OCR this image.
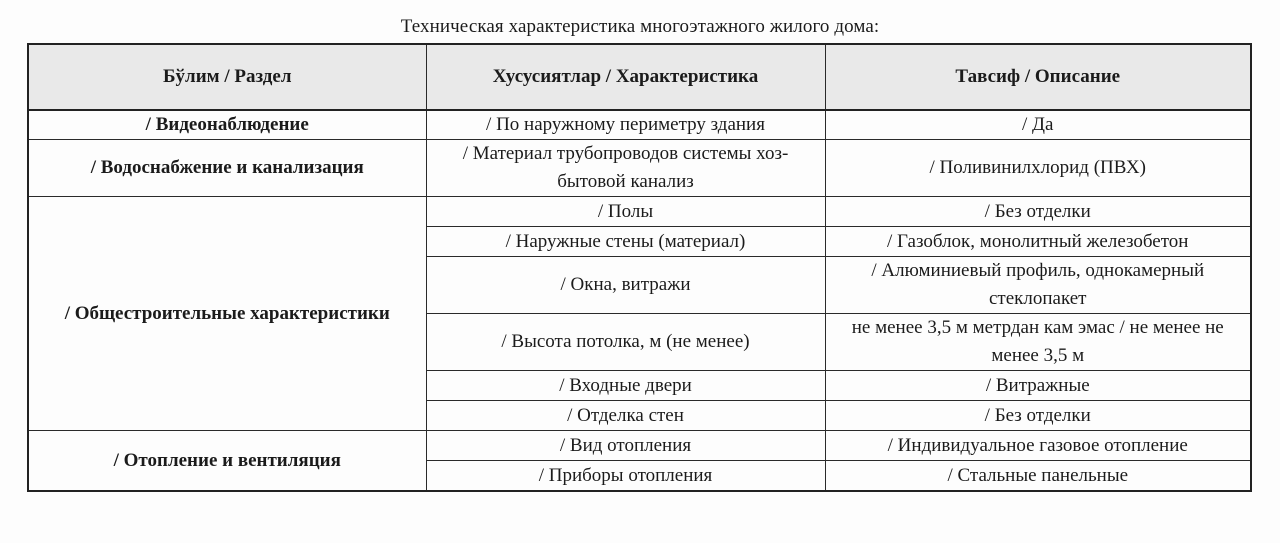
Техническая характеристика многоэтажного жилого дома:
Бўлим / Раздел	Хусусиятлар / Характеристика	Тавсиф / Описание
/ Видеонаблюдение	/ По наружному периметру здания	/ Да
/ Водоснабжение и канализация	/ Материал трубопроводов системы хоз-бытовой канализ	/ Поливинилхлорид (ПВХ)
/ Общестроительные характеристики	/ Полы	/ Без отделки
	/ Наружные стены (материал)	/ Газоблок, монолитный железобетон
	/ Окна, витражи	/ Алюминиевый профиль, однокамерный стеклопакет
	/ Высота потолка, м (не менее)	не менее 3,5 м метрдан кам эмас / не менее не менее 3,5 м
	/ Входные двери	/ Витражные
	/ Отделка стен	/ Без отделки
/ Отопление и вентиляция	/ Вид отопления	/ Индивидуальное газовое отопление
	/ Приборы отопления	/ Стальные панельные
